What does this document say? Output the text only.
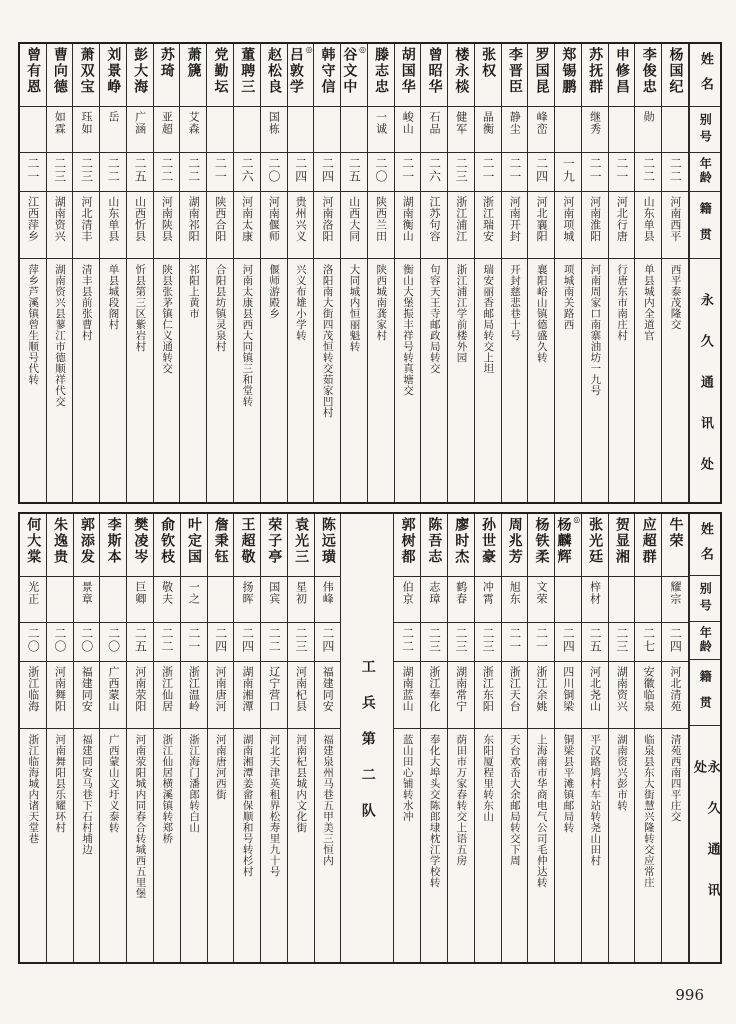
姓名
别号
年龄
籍贯
永久通讯处
杨国纪
二二
河南西平
西平泰茂隆交
李俊忠
勋
二二
山东单县
单县城内全道官
申修昌
二一
河北行唐
行唐东市南庄村
苏抚群
继秀
二一
河南淮阳
河南周家口南寨油坊一九号
郑锡鹏
一九
河南项城
项城南关路西
罗国昆
峰峦
二四
河北襄阳
襄阳峪山镇德盛久转
李晋臣
静尘
二一
河南开封
开封慈悲巷十号
张权
晶衡
二一
浙江瑞安
瑞安丽香邮局转交上坦
楼永棪
健军
二三
浙江浦江
浙江浦江学前楼外园
曾昭华
石品
二六
江苏句容
句容天王寺邮政局转交
胡国华
峻山
二一
湖南衡山
衡山大堡振丰祥号转真塘交
滕志忠
一诚
二〇
陕西兰田
陕西城南龚家村
谷文中 ◎
二五
山西大同
大同城内恒丽魁转
韩守信
二四
河南洛阳
洛阳南大街四茂恒转交茹家凹村
吕敦学 ◎
二四
贵州兴义
兴义布雄小学转
赵松良
国栋
二〇
河南偃师
偃师游殿乡
董聘三
二六
河南太康
河南太康县西大同镇三和堂转
党勤坛
二一
陕西合阳
合阳县坊镇灵泉村
萧篪
艾森
二二
湖南祁阳
祁阳上黄市
苏琦
亚超
二二
河南陕县
陕县张茅镇仁义通转交
彭大海
广涵
二五
山西忻县
忻县第三区紫岩村
刘景峥
岳
二二
山东单县
单县城段阁村
萧双宝
珏如
二三
河北清丰
清丰县前张曹村
曹向德
如霖
二三
湖南资兴
湖南资兴县蓼江市德顺祥代交
曾有恩
二一
江西萍乡
萍乡芦溪镇曾生顺号代转
姓名
别号
年龄
籍贯
永久通讯处
牛荣
耀宗
二四
河北清苑
清苑西南四平庄交
应超群
二七
安徽临泉
临泉县东大街慧兴隆转交应常庄
贺显湘
二三
湖南资兴
湖南资兴彭市转
张光廷
梓材
二五
河北尧山
平汉路鸠村车站转尧山田村
杨麟辉 ◎
二四
四川铜梁
铜梁县平滩镇邮局转
杨铁柔
文荣
二一
浙江余姚
上海南市华商电气公司毛仲达转
周兆芳
旭东
二一
浙江天台
天台欢岙大余邮局转交下周
孙世豪
冲霄
二三
浙江东阳
东阳厦程里转东山
廖时杰
鹤春
二三
湖南常宁
荫田市万家春转交上语五房
陈吾志
志璋
二三
浙江奉化
奉化大埠头交陈郎埭枕江学校转
郭树都
伯京
二二
湖南蓝山
蓝山田心铺转水冲
工兵第二队
陈远璜
伟峰
二四
福建同安
福建泉州马巷五甲美三恒内
袁光三
星初
二三
河南杞县
河南杞县城内文化街
荣子亭
国宾
二二
辽宁营口
河北天津英租界松寿里九十号
王超敬
扬晖
二四
湖南湘潭
湖南湘潭姜畲保顺和号转杉村
詹秉钰
二四
河南唐河
河南唐河西街
叶定国
一之
二一
浙江温岭
浙江海门潘郎转白山
俞钦枝
敬夫
二二
浙江仙居
浙江仙居横溪镇转郑桥
樊凌岑
巨卿
二五
河南荥阳
河南荥阳城内同春合转城西五里堡
李斯本
二〇
广西蒙山
广西蒙山文圩义泰转
郭添发
景章
二〇
福建同安
福建同安马巷下石村埔边
朱逸贵
二〇
河南舞阳
河南舞阳县乐耀环村
何大棠
光正
二〇
浙江临海
浙江临海城内诸天堂巷
996
